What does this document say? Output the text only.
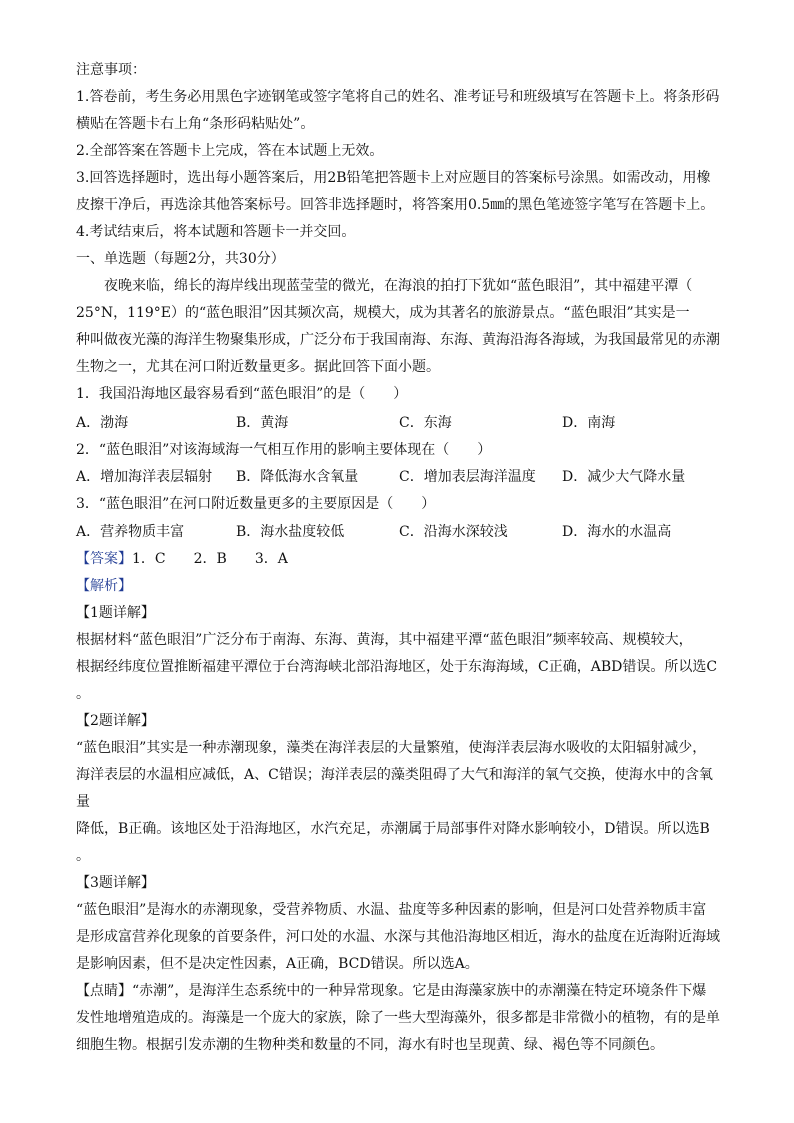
注意事项：
1.答卷前，考生务必用黑色字迹钢笔或签字笔将自己的姓名、准考证号和班级填写在答题卡上。将条形码
横贴在答题卡右上角“条形码粘贴处”。
2.全部答案在答题卡上完成，答在本试题上无效。
3.回答选择题时，选出每小题答案后，用2B铅笔把答题卡上对应题目的答案标号涂黑。如需改动，用橡
皮擦干净后，再选涂其他答案标号。回答非选择题时，将答案用0.5㎜的黑色笔迹签字笔写在答题卡上。
4.考试结束后，将本试题和答题卡一并交回。
一、单选题（每题2分，共30分）
夜晚来临，绵长的海岸线出现蓝莹莹的微光，在海浪的拍打下犹如“蓝色眼泪”，其中福建平潭（
25°N，119°E）的“蓝色眼泪”因其频次高，规模大，成为其著名的旅游景点。“蓝色眼泪”其实是一
种叫做夜光藻的海洋生物聚集形成，广泛分布于我国南海、东海、黄海沿海各海域，为我国最常见的赤潮
生物之一，尤其在河口附近数量更多。据此回答下面小题。
1．我国沿海地区最容易看到“蓝色眼泪”的是（　　）
A．渤海	B．黄海	C．东海	D．南海
2．“蓝色眼泪”对该海域海一气相互作用的影响主要体现在（　　）
A．增加海洋表层辐射 B．降低海水含氧量	C．增加表层海洋温度 D．减少大气降水量
3．“蓝色眼泪”在河口附近数量更多的主要原因是（　　）
A．营养物质丰富	B．海水盐度较低	C．沿海水深较浅	D．海水的水温高
【答案】1．C　　2．B　　3．A
【解析】
【1题详解】
根据材料“蓝色眼泪”广泛分布于南海、东海、黄海，其中福建平潭“蓝色眼泪”频率较高、规模较大，
根据经纬度位置推断福建平潭位于台湾海峡北部沿海地区，处于东海海域，C正确，ABD错误。所以选C
。
【2题详解】
“蓝色眼泪”其实是一种赤潮现象，藻类在海洋表层的大量繁殖，使海洋表层海水吸收的太阳辐射减少，
海洋表层的水温相应减低，A、C错误；海洋表层的藻类阻碍了大气和海洋的氧气交换，使海水中的含氧
量
降低，B正确。该地区处于沿海地区，水汽充足，赤潮属于局部事件对降水影响较小，D错误。所以选B
。
【3题详解】
“蓝色眼泪”是海水的赤潮现象，受营养物质、水温、盐度等多种因素的影响，但是河口处营养物质丰富
是形成富营养化现象的首要条件，河口处的水温、水深与其他沿海地区相近，海水的盐度在近海附近海域
是影响因素，但不是决定性因素，A正确，BCD错误。所以选A。
【点睛】“赤潮”，是海洋生态系统中的一种异常现象。它是由海藻家族中的赤潮藻在特定环境条件下爆
发性地增殖造成的。海藻是一个庞大的家族，除了一些大型海藻外，很多都是非常微小的植物，有的是单
细胞生物。根据引发赤潮的生物种类和数量的不同，海水有时也呈现黄、绿、褐色等不同颜色。
